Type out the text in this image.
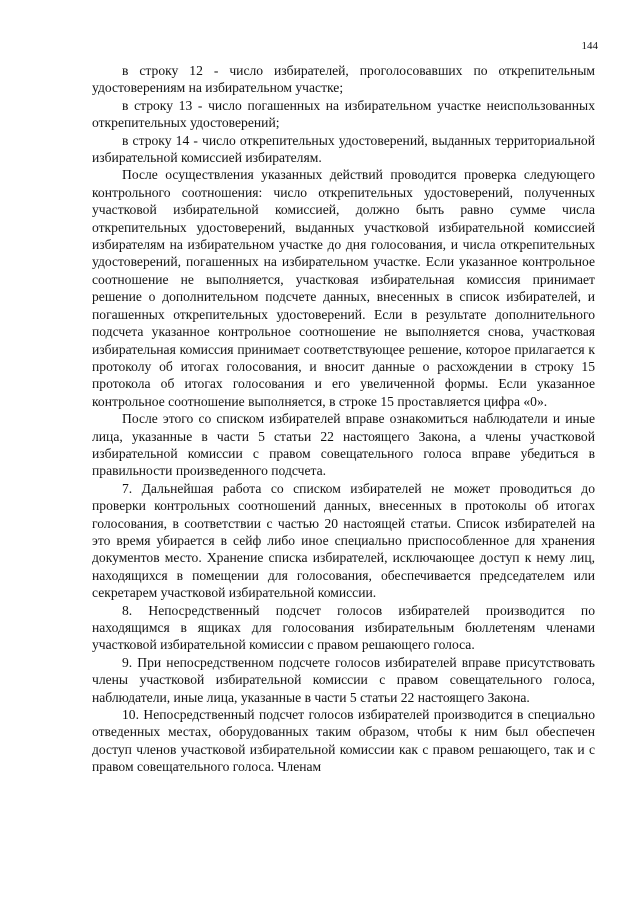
144

в строку 12 - число избирателей, проголосовавших по открепительным удостоверениям на избирательном участке;

в строку 13 - число погашенных на избирательном участке неиспользованных открепительных удостоверений;

в строку 14 - число открепительных удостоверений, выданных территориальной избирательной комиссией избирателям.

После осуществления указанных действий проводится проверка следующего контрольного соотношения: число открепительных удостоверений, полученных участковой избирательной комиссией, должно быть равно сумме числа открепительных удостоверений, выданных участковой избирательной комиссией избирателям на избирательном участке до дня голосования, и числа открепительных удостоверений, погашенных на избирательном участке. Если указанное контрольное соотношение не выполняется, участковая избирательная комиссия принимает решение о дополнительном подсчете данных, внесенных в список избирателей, и погашенных открепительных удостоверений. Если в результате дополнительного подсчета указанное контрольное соотношение не выполняется снова, участковая избирательная комиссия принимает соответствующее решение, которое прилагается к протоколу об итогах голосования, и вносит данные о расхождении в строку 15 протокола об итогах голосования и его увеличенной формы. Если указанное контрольное соотношение выполняется, в строке 15 проставляется цифра «0».

После этого со списком избирателей вправе ознакомиться наблюдатели и иные лица, указанные в части 5 статьи 22 настоящего Закона, а члены участковой избирательной комиссии с правом совещательного голоса вправе убедиться в правильности произведенного подсчета.

7. Дальнейшая работа со списком избирателей не может проводиться до проверки контрольных соотношений данных, внесенных в протоколы об итогах голосования, в соответствии с частью 20 настоящей статьи. Список избирателей на это время убирается в сейф либо иное специально приспособленное для хранения документов место. Хранение списка избирателей, исключающее доступ к нему лиц, находящихся в помещении для голосования, обеспечивается председателем или секретарем участковой избирательной комиссии.

8. Непосредственный подсчет голосов избирателей производится по находящимся в ящиках для голосования избирательным бюллетеням членами участковой избирательной комиссии с правом решающего голоса.

9. При непосредственном подсчете голосов избирателей вправе присутствовать члены участковой избирательной комиссии с правом совещательного голоса, наблюдатели, иные лица, указанные в части 5 статьи 22 настоящего Закона.

10. Непосредственный подсчет голосов избирателей производится в специально отведенных местах, оборудованных таким образом, чтобы к ним был обеспечен доступ членов участковой избирательной комиссии как с правом решающего, так и с правом совещательного голоса. Членам
